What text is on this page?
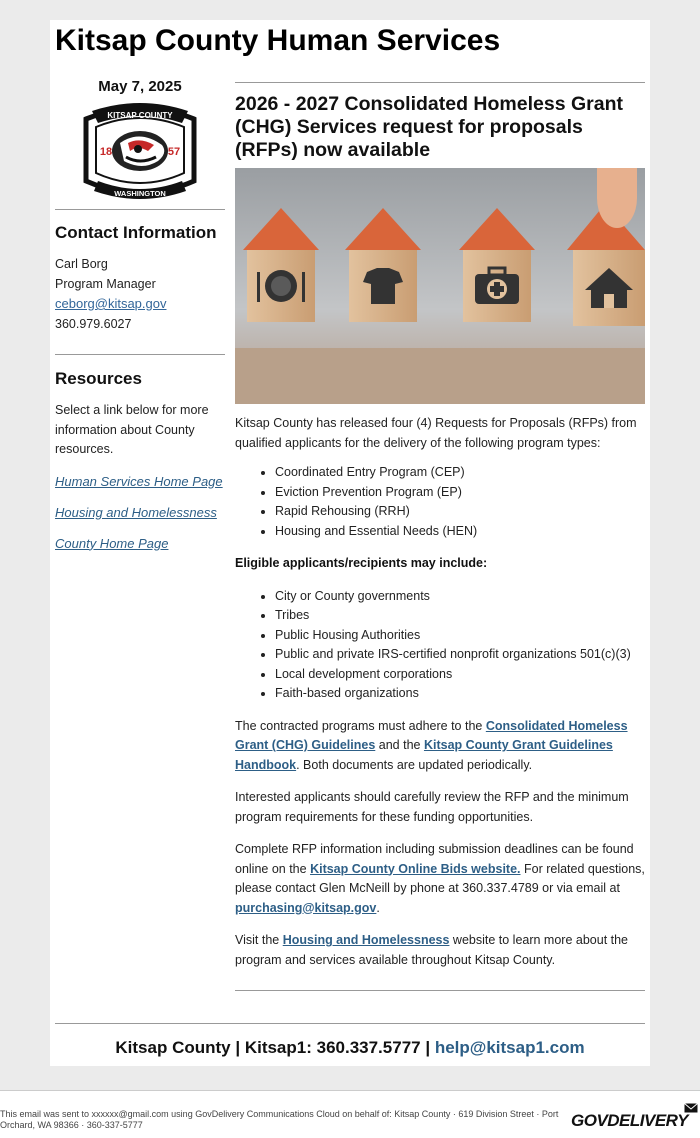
Kitsap County Human Services
May 7, 2025
KITSAP COUNTY
WASHINGTON
18	57
Contact Information
Carl Borg
Program Manager
ceborg@kitsap.gov
360.979.6027
Resources
Select a link below for more information about County resources.
Human Services Home Page
Housing and Homelessness
County Home Page
2026 - 2027 Consolidated Homeless Grant (CHG) Services request for proposals (RFPs) now available

Kitsap County has released four (4) Requests for Proposals (RFPs) from qualified applicants for the delivery of the following program types:

• Coordinated Entry Program (CEP)
• Eviction Prevention Program (EP)
• Rapid Rehousing (RRH)
• Housing and Essential Needs (HEN)

Eligible applicants/recipients may include:

• City or County governments
• Tribes
• Public Housing Authorities
• Public and private IRS-certified nonprofit organizations 501(c)(3)
• Local development corporations
• Faith-based organizations

The contracted programs must adhere to the Consolidated Homeless Grant (CHG) Guidelines and the Kitsap County Grant Guidelines Handbook. Both documents are updated periodically.

Interested applicants should carefully review the RFP and the minimum program requirements for these funding opportunities.

Complete RFP information including submission deadlines can be found online on the Kitsap County Online Bids website. For related questions, please contact Glen McNeill by phone at 360.337.4789 or via email at purchasing@kitsap.gov.

Visit the Housing and Homelessness website to learn more about the program and services available throughout Kitsap County.

Kitsap County | Kitsap1: 360.337.5777 | help@kitsap1.com
This email was sent to xxxxxx@gmail.com using GovDelivery Communications Cloud on behalf of: Kitsap County · 619 Division Street · Port Orchard, WA 98366 · 360-337-5777	GOVDELIVERY
